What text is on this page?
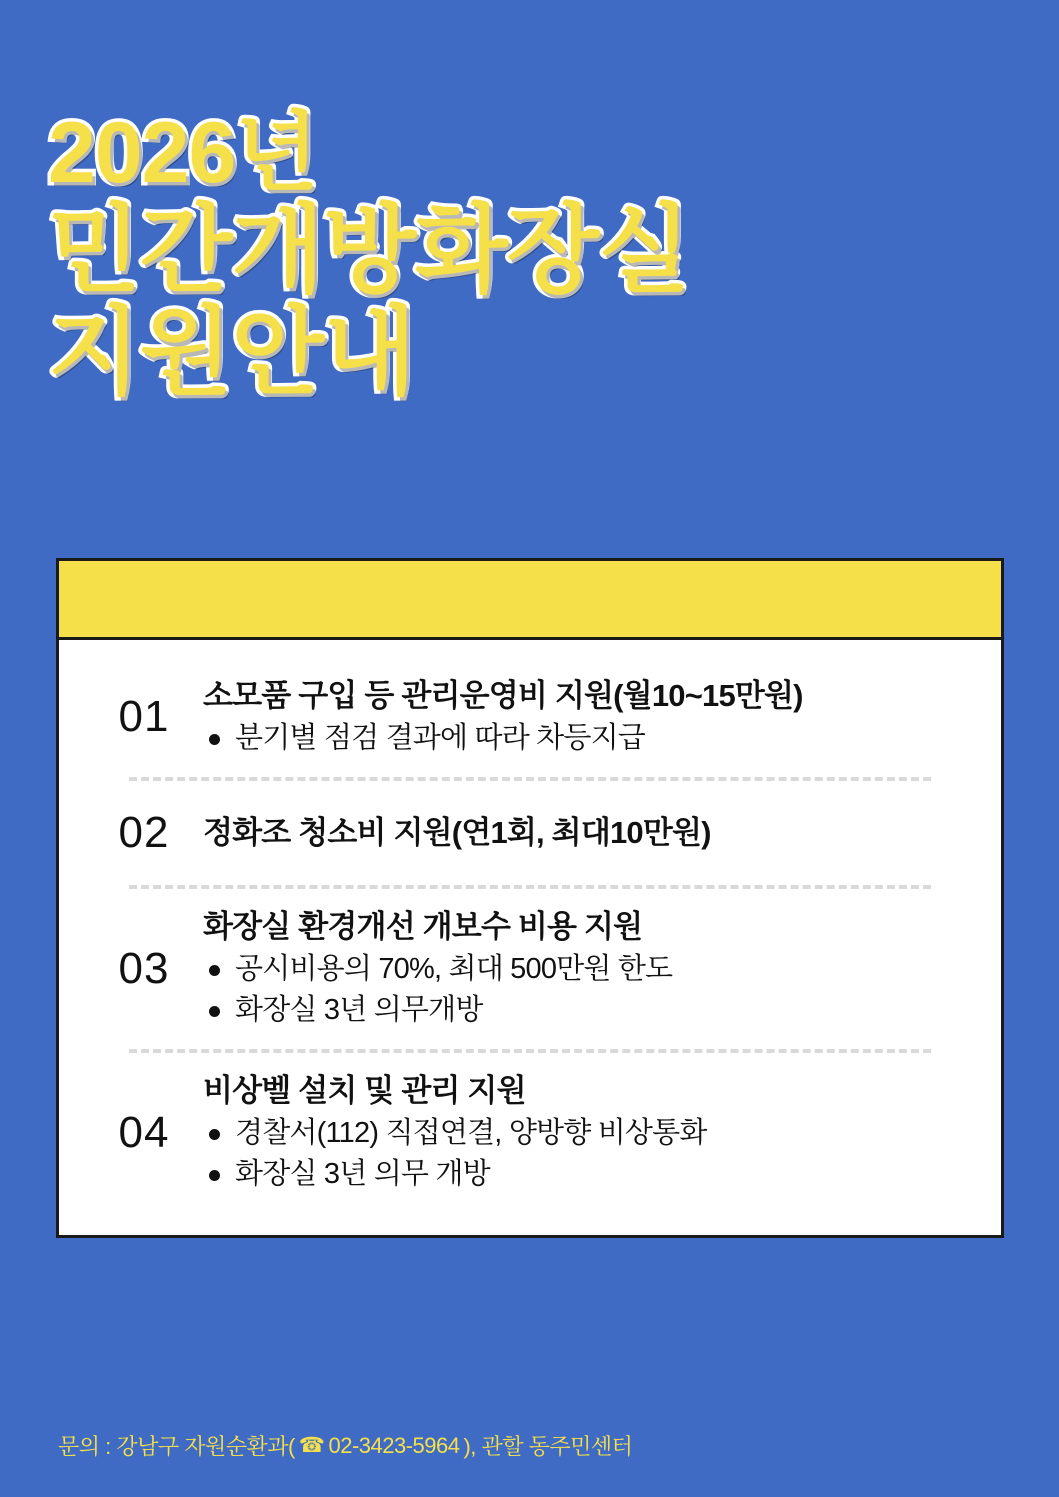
2026년
민간개방화장실
지원안내
01	소모품 구입 등 관리운영비 지원(월10~15만원)
분기별 점검 결과에 따라 차등지급
02	정화조 청소비 지원(연1회, 최대10만원)
03
화장실 환경개선 개보수 비용 지원
공시비용의 70%, 최대 500만원 한도
화장실 3년 의무개방
04
비상벨 설치 및 관리 지원
경찰서(112) 직접연결, 양방향 비상통화
화장실 3년 의무 개방
문의 : 강남구 자원순환과( ☎ 02-3423-5964 ), 관할 동주민센터
